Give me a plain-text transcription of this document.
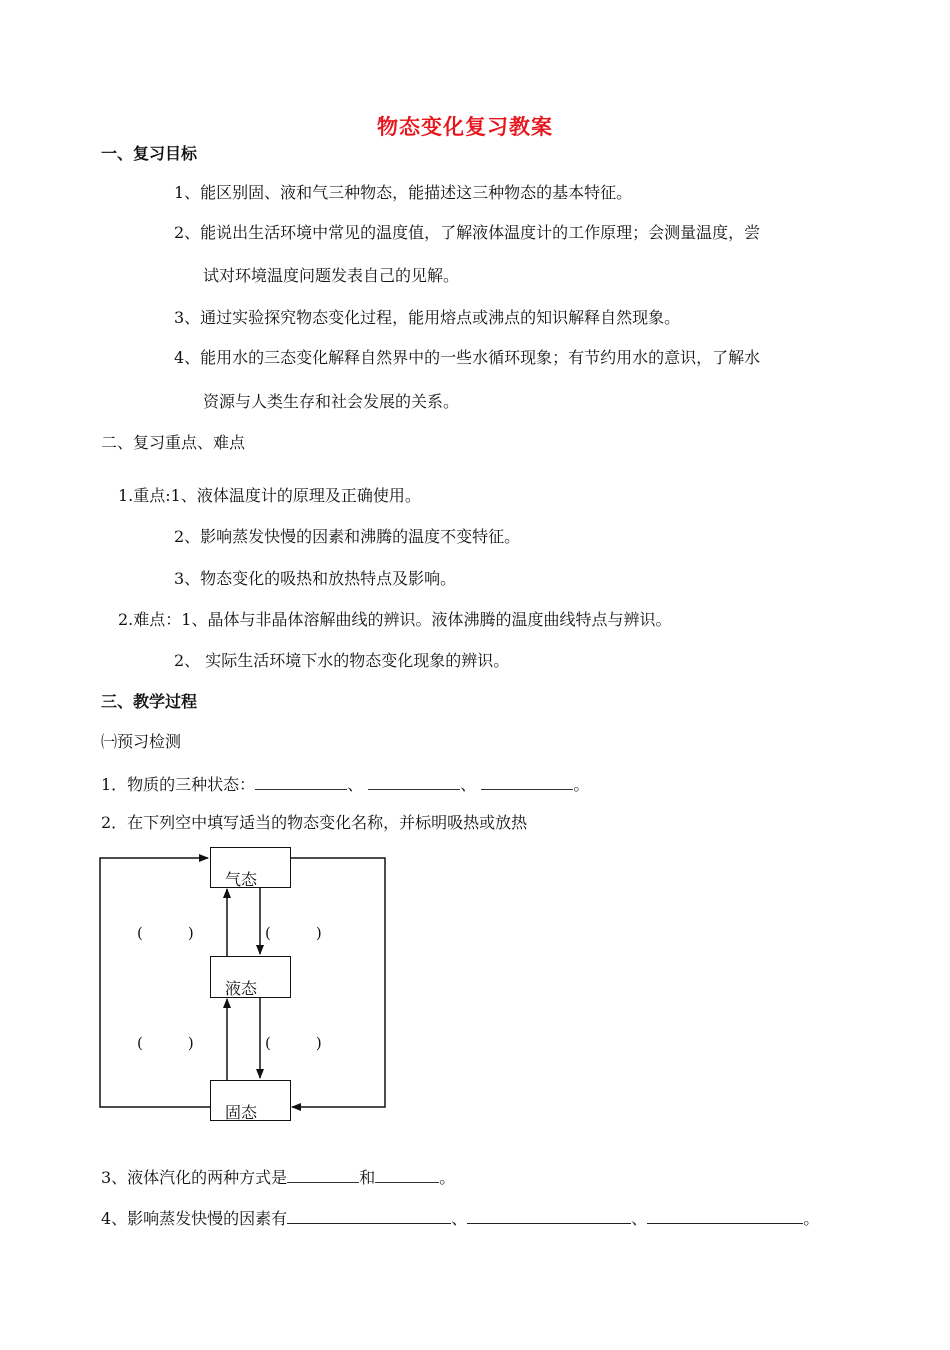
物态变化复习教案
一、复习目标
1、能区别固、液和气三种物态，能描述这三种物态的基本特征。
2、能说出生活环境中常见的温度值，了解液体温度计的工作原理；会测量温度，尝
试对环境温度问题发表自己的见解。
3、通过实验探究物态变化过程，能用熔点或沸点的知识解释自然现象。
4、能用水的三态变化解释自然界中的一些水循环现象；有节约用水的意识，了解水
资源与人类生存和社会发展的关系。
二、复习重点、难点
1.重点:1、液体温度计的原理及正确使用。
2、影响蒸发快慢的因素和沸腾的温度不变特征。
3、物态变化的吸热和放热特点及影响。
2.难点：1、晶体与非晶体溶解曲线的辨识。液体沸腾的温度曲线特点与辨识。
2、 实际生活环境下水的物态变化现象的辨识。
三、教学过程
㈠预习检测
1．物质的三种状态：	、	、	。
2．在下列空中填写适当的物态变化名称，并标明吸热或放热
气态
液态
固态
(　　　)	(　　　)
(　　　)	(　　　)
3、液体汽化的两种方式是	和	。
4、影响蒸发快慢的因素有	、	、	。
